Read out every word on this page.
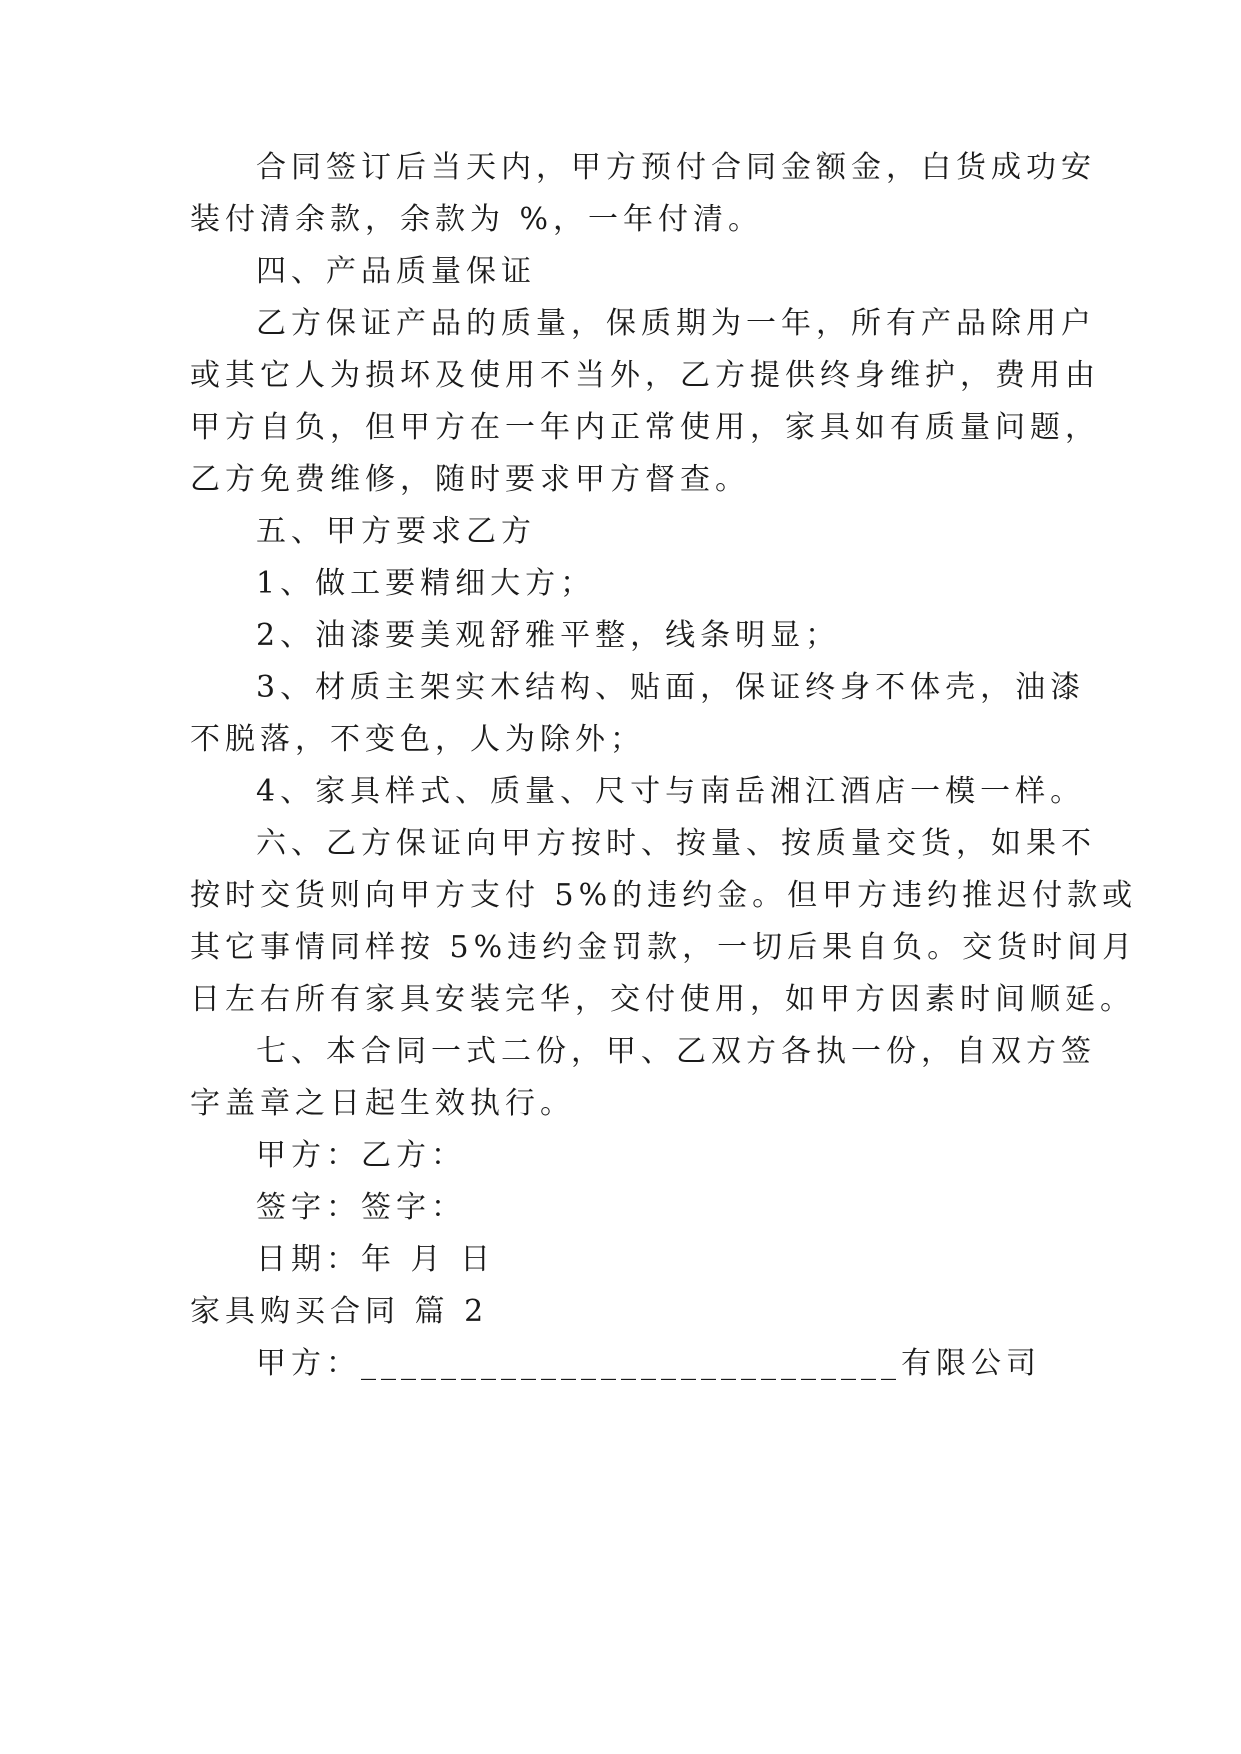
合同签订后当天内，甲方预付合同金额金，白货成功安
装付清余款，余款为 %，一年付清。
四、产品质量保证
乙方保证产品的质量，保质期为一年，所有产品除用户
或其它人为损坏及使用不当外，乙方提供终身维护，费用由
甲方自负，但甲方在一年内正常使用，家具如有质量问题，
乙方免费维修，随时要求甲方督查。
五、甲方要求乙方
1、做工要精细大方；
2、油漆要美观舒雅平整，线条明显；
3、材质主架实木结构、贴面，保证终身不体壳，油漆
不脱落，不变色，人为除外；
4、家具样式、质量、尺寸与南岳湘江酒店一模一样。
六、乙方保证向甲方按时、按量、按质量交货，如果不
按时交货则向甲方支付 5%的违约金。但甲方违约推迟付款或
其它事情同样按 5%违约金罚款，一切后果自负。交货时间月
日左右所有家具安装完华，交付使用，如甲方因素时间顺延。
七、本合同一式二份，甲、乙双方各执一份，自双方签
字盖章之日起生效执行。
甲方：乙方：
签字：签字：
日期：年 月 日
家具购买合同 篇 2
甲方：___________________________有限公司
